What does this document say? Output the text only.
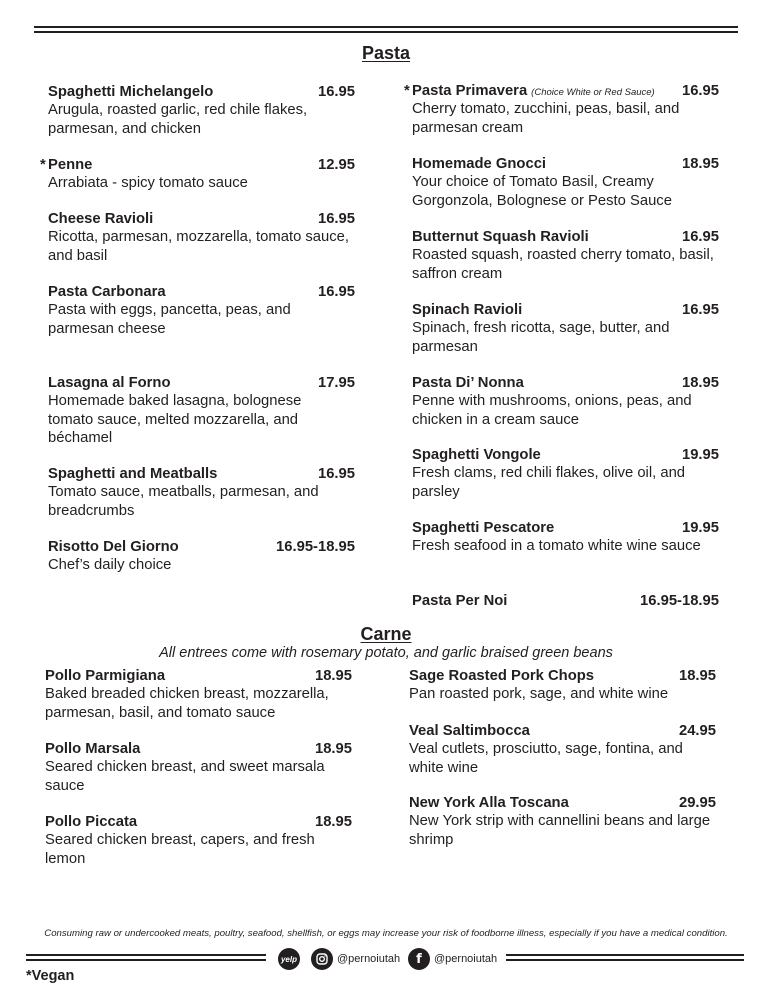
Pasta
Spaghetti Michelangelo	16.95
Arugula, roasted garlic, red chile flakes, parmesan, and chicken
* Penne	12.95
Arrabiata - spicy tomato sauce
Cheese Ravioli	16.95
Ricotta, parmesan, mozzarella, tomato sauce, and basil
Pasta Carbonara	16.95
Pasta with eggs, pancetta, peas, and parmesan cheese
Lasagna al Forno	17.95
Homemade baked lasagna, bolognese tomato sauce, melted mozzarella, and béchamel
Spaghetti and Meatballs	16.95
Tomato sauce, meatballs, parmesan, and breadcrumbs
Risotto Del Giorno	16.95-18.95
Chef’s daily choice
* Pasta Primavera (Choice White or Red Sauce) 16.95
Cherry tomato, zucchini, peas, basil, and parmesan cream
Homemade Gnocci	18.95
Your choice of Tomato Basil, Creamy Gorgonzola, Bolognese or Pesto Sauce
Butternut Squash Ravioli	16.95
Roasted squash, roasted cherry tomato, basil, saffron cream
Spinach Ravioli	16.95
Spinach, fresh ricotta, sage, butter, and parmesan
Pasta Di’ Nonna	18.95
Penne with mushrooms, onions, peas, and chicken in a cream sauce
Spaghetti Vongole	19.95
Fresh clams, red chili flakes, olive oil, and parsley
Spaghetti Pescatore	19.95
Fresh seafood in a tomato white wine sauce
Pasta Per Noi	16.95-18.95
Carne
All entrees come with rosemary potato, and garlic braised green beans
Pollo Parmigiana	18.95
Baked breaded chicken breast, mozzarella, parmesan, basil, and tomato sauce
Pollo Marsala	18.95
Seared chicken breast, and sweet marsala sauce
Pollo Piccata	18.95
Seared chicken breast, capers, and fresh lemon
Sage Roasted Pork Chops	18.95
Pan roasted pork, sage, and white wine
Veal Saltimbocca	24.95
Veal cutlets, prosciutto, sage, fontina, and white wine
New York Alla Toscana	29.95
New York strip with cannellini beans and large shrimp
Consuming raw or undercooked meats, poultry, seafood, shellfish, or eggs may increase your risk of foodborne illness, especially if you have a medical condition.
yelp	@pernoiutah	f	@pernoiutah
*Vegan
